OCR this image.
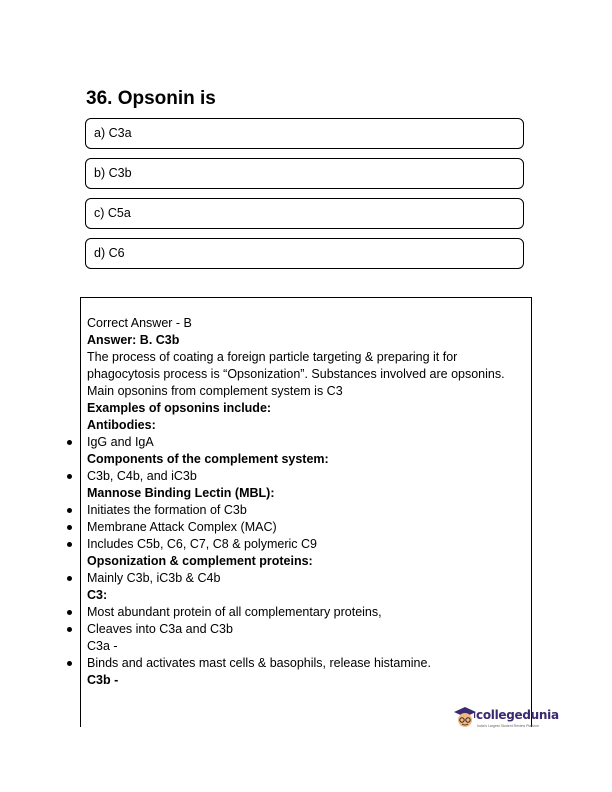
36. Opsonin is
a) C3a
b) C3b
c) C5a
d) C6
Correct Answer - B
Answer: B. C3b
The process of coating a foreign particle targeting & preparing it for phagocytosis process is “Opsonization”. Substances involved are opsonins.
Main opsonins from complement system is C3
Examples of opsonins include:
Antibodies:
IgG and IgA
Components of the complement system:
C3b, C4b, and iC3b
Mannose Binding Lectin (MBL):
Initiates the formation of C3b
Membrane Attack Complex (MAC)
Includes C5b, C6, C7, C8 & polymeric C9
Opsonization & complement proteins:
Mainly C3b, iC3b & C4b
C3:
Most abundant protein of all complementary proteins,
Cleaves into C3a and C3b
C3a -
Binds and activates mast cells & basophils, release histamine.
C3b -
collegedunia
India's Largest Student Review Platform
